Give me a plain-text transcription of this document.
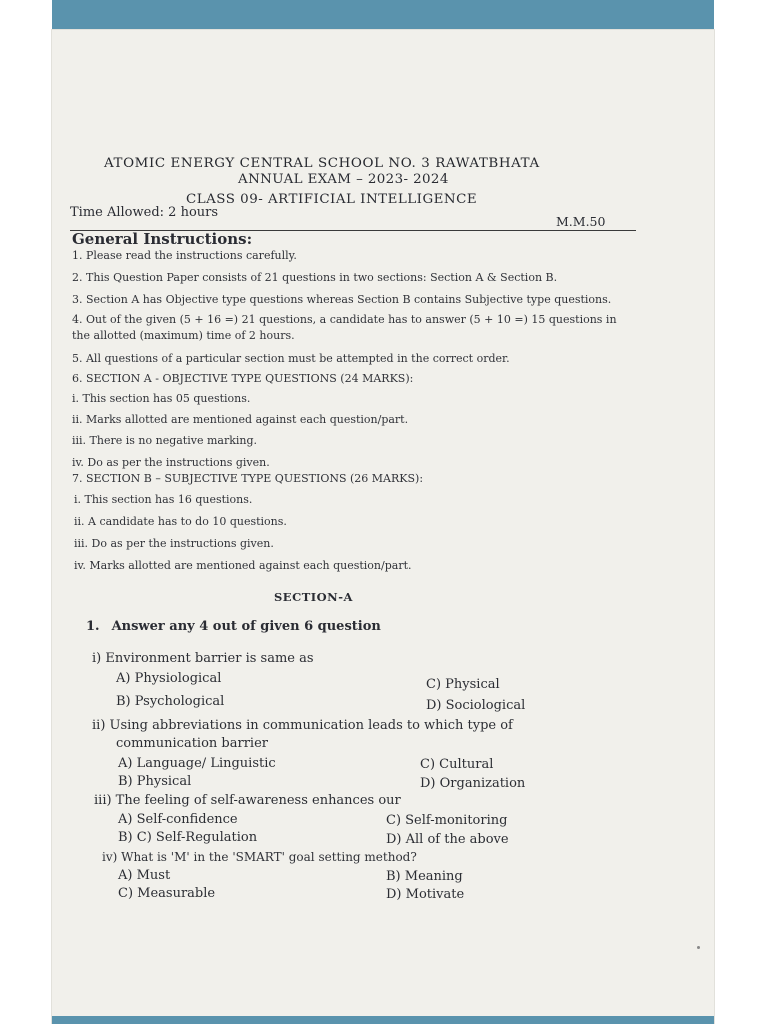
ATOMIC ENERGY CENTRAL SCHOOL NO. 3 RAWATBHATA
ANNUAL EXAM – 2023- 2024
CLASS 09- ARTIFICIAL INTELLIGENCE
Time Allowed: 2 hours
M.M.50
General Instructions:
1. Please read the instructions carefully.
2. This Question Paper consists of 21 questions in two sections: Section A & Section B.
3. Section A has Objective type questions whereas Section B contains Subjective type questions.
4. Out of the given (5 + 16 =) 21 questions, a candidate has to answer (5 + 10 =) 15 questions in the allotted (maximum) time of 2 hours.
5. All questions of a particular section must be attempted in the correct order.
6. SECTION A - OBJECTIVE TYPE QUESTIONS (24 MARKS):
i. This section has 05 questions.
ii. Marks allotted are mentioned against each question/part.
iii. There is no negative marking.
iv. Do as per the instructions given.
7. SECTION B – SUBJECTIVE TYPE QUESTIONS (26 MARKS):
i. This section has 16 questions.
ii. A candidate has to do 10 questions.
iii. Do as per the instructions given.
iv. Marks allotted are mentioned against each question/part.
SECTION-A
1. Answer any 4 out of given 6 question
i) Environment barrier is same as
A) Physiological	C) Physical
B) Psychological	D) Sociological
ii) Using abbreviations in communication leads to which type of
communication barrier
A) Language/ Linguistic	C) Cultural
B) Physical	D) Organization
iii) The feeling of self-awareness enhances our
A) Self-confidence	C) Self-monitoring
B) C) Self-Regulation	D) All of the above
iv) What is 'M' in the 'SMART' goal setting method?
A) Must	B) Meaning
C) Measurable	D) Motivate
